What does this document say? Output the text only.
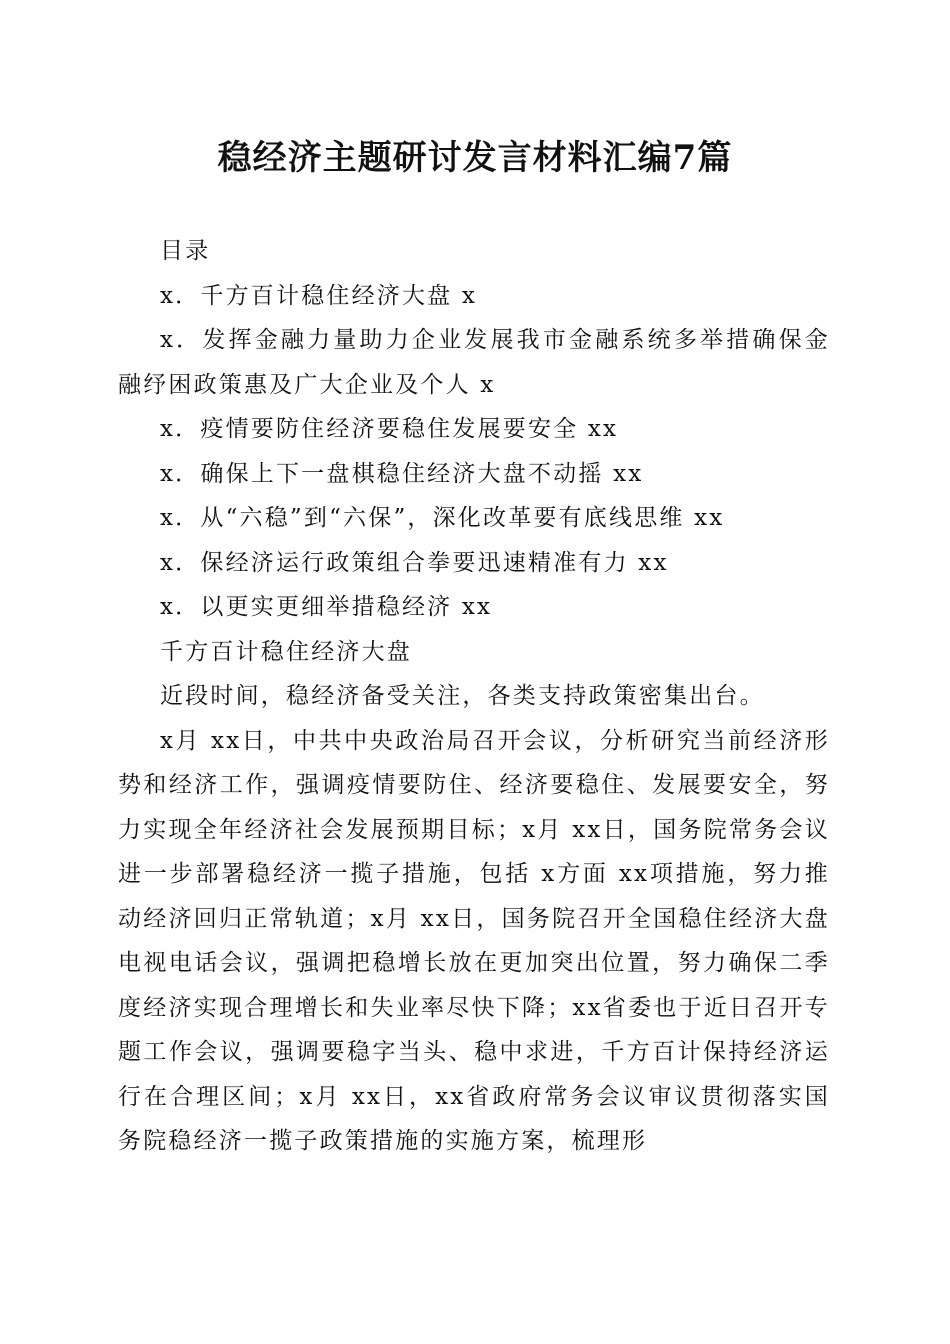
稳经济主题研讨发言材料汇编7篇

目录

x．千方百计稳住经济大盘 x

x．发挥金融力量助力企业发展我市金融系统多举措确保金融纾困政策惠及广大企业及个人 x

x．疫情要防住经济要稳住发展要安全 xx

x．确保上下一盘棋稳住经济大盘不动摇 xx

x．从“六稳”到“六保”，深化改革要有底线思维 xx

x．保经济运行政策组合拳要迅速精准有力 xx

x．以更实更细举措稳经济 xx

千方百计稳住经济大盘

近段时间，稳经济备受关注，各类支持政策密集出台。

x月 xx日，中共中央政治局召开会议，分析研究当前经济形势和经济工作，强调疫情要防住、经济要稳住、发展要安全，努力实现全年经济社会发展预期目标；x月 xx日，国务院常务会议进一步部署稳经济一揽子措施，包括 x方面 xx项措施，努力推动经济回归正常轨道；x月 xx日，国务院召开全国稳住经济大盘电视电话会议，强调把稳增长放在更加突出位置，努力确保二季度经济实现合理增长和失业率尽快下降；xx省委也于近日召开专题工作会议，强调要稳字当头、稳中求进，千方百计保持经济运行在合理区间；x月 xx日，xx省政府常务会议审议贯彻落实国务院稳经济一揽子政策措施的实施方案，梳理形
